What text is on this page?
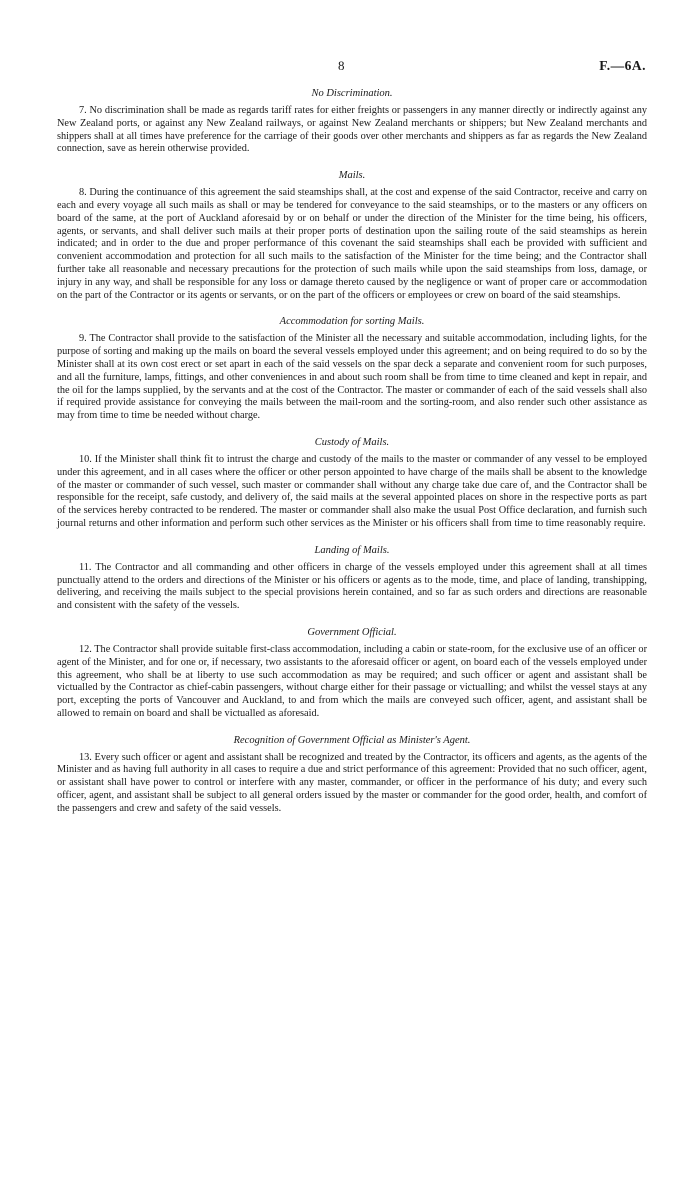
8	F.—6A.

No Discrimination.

7. No discrimination shall be made as regards tariff rates for either freights or passengers in any manner directly or indirectly against any New Zealand ports, or against any New Zealand railways, or against New Zealand merchants or shippers; but New Zealand merchants and shippers shall at all times have preference for the carriage of their goods over other merchants and shippers as far as regards the New Zealand connection, save as herein otherwise provided.

Mails.

8. During the continuance of this agreement the said steamships shall, at the cost and expense of the said Contractor, receive and carry on each and every voyage all such mails as shall or may be tendered for conveyance to the said steamships, or to the masters or any officers on board of the same, at the port of Auckland aforesaid by or on behalf or under the direction of the Minister for the time being, his officers, agents, or servants, and shall deliver such mails at their proper ports of destination upon the sailing route of the said steamships as herein indicated; and in order to the due and proper performance of this covenant the said steamships shall each be provided with sufficient and convenient accommodation and protection for all such mails to the satisfaction of the Minister for the time being; and the Contractor shall further take all reasonable and necessary precautions for the protection of such mails while upon the said steamships from loss, damage, or injury in any way, and shall be responsible for any loss or damage thereto caused by the negligence or want of proper care or accommodation on the part of the Contractor or its agents or servants, or on the part of the officers or employees or crew on board of the said steamships.

Accommodation for sorting Mails.

9. The Contractor shall provide to the satisfaction of the Minister all the necessary and suitable accommodation, including lights, for the purpose of sorting and making up the mails on board the several vessels employed under this agreement; and on being required to do so by the Minister shall at its own cost erect or set apart in each of the said vessels on the spar deck a separate and convenient room for such purposes, and all the furniture, lamps, fittings, and other conveniences in and about such room shall be from time to time cleaned and kept in repair, and the oil for the lamps supplied, by the servants and at the cost of the Contractor. The master or commander of each of the said vessels shall also if required provide assistance for conveying the mails between the mail-room and the sorting-room, and also render such other assistance as may from time to time be needed without charge.

Custody of Mails.

10. If the Minister shall think fit to intrust the charge and custody of the mails to the master or commander of any vessel to be employed under this agreement, and in all cases where the officer or other person appointed to have charge of the mails shall be absent to the knowledge of the master or commander of such vessel, such master or commander shall without any charge take due care of, and the Contractor shall be responsible for the receipt, safe custody, and delivery of, the said mails at the several appointed places on shore in the respective ports as part of the services hereby contracted to be rendered. The master or commander shall also make the usual Post Office declaration, and furnish such journal returns and other information and perform such other services as the Minister or his officers shall from time to time reasonably require.

Landing of Mails.

11. The Contractor and all commanding and other officers in charge of the vessels employed under this agreement shall at all times punctually attend to the orders and directions of the Minister or his officers or agents as to the mode, time, and place of landing, transhipping, delivering, and receiving the mails subject to the special provisions herein contained, and so far as such orders and directions are reasonable and consistent with the safety of the vessels.

Government Official.

12. The Contractor shall provide suitable first-class accommodation, including a cabin or state-room, for the exclusive use of an officer or agent of the Minister, and for one or, if necessary, two assistants to the aforesaid officer or agent, on board each of the vessels employed under this agreement, who shall be at liberty to use such accommodation as may be required; and such officer or agent and assistant shall be victualled by the Contractor as chief-cabin passengers, without charge either for their passage or victualling; and whilst the vessel stays at any port, excepting the ports of Vancouver and Auckland, to and from which the mails are conveyed such officer, agent, and assistant shall be allowed to remain on board and shall be victualled as aforesaid.

Recognition of Government Official as Minister's Agent.

13. Every such officer or agent and assistant shall be recognized and treated by the Contractor, its officers and agents, as the agents of the Minister and as having full authority in all cases to require a due and strict performance of this agreement: Provided that no such officer, agent, or assistant shall have power to control or interfere with any master, commander, or officer in the performance of his duty; and every such officer, agent, and assistant shall be subject to all general orders issued by the master or commander for the good order, health, and comfort of the passengers and crew and safety of the said vessels.
